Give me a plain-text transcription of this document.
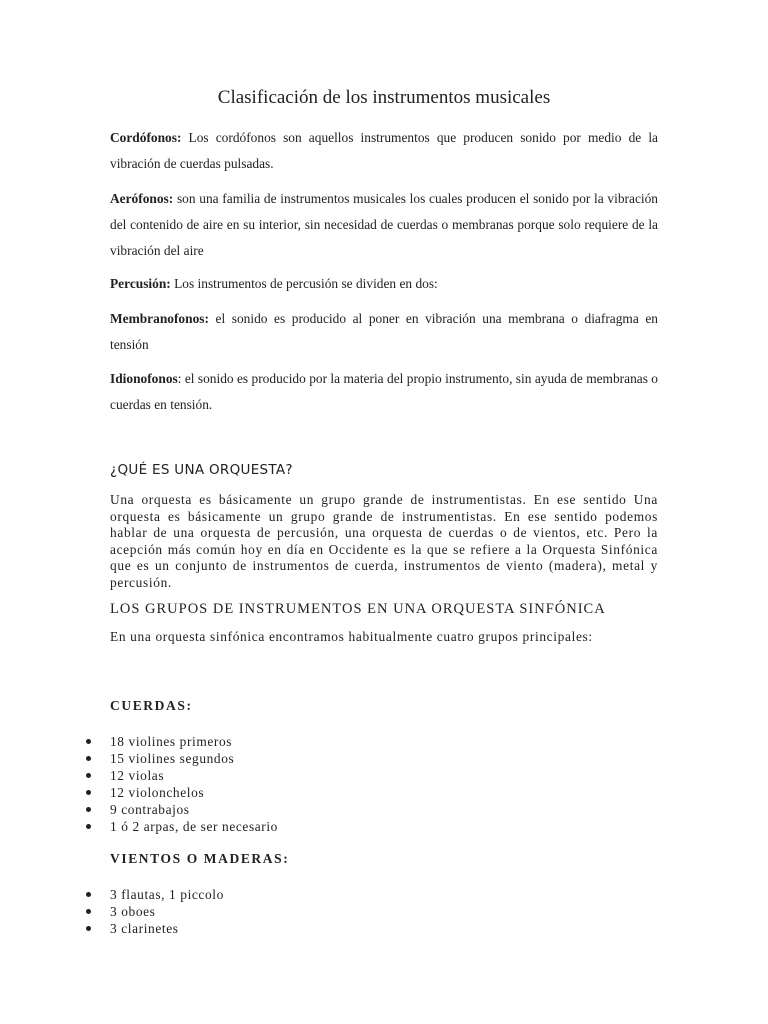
Clasificación de los instrumentos musicales

Cordófonos: Los cordófonos son aquellos instrumentos que producen sonido por medio de la vibración de cuerdas pulsadas.

Aerófonos: son una familia de instrumentos musicales los cuales producen el sonido por la vibración del contenido de aire en su interior, sin necesidad de cuerdas o membranas porque solo requiere de la vibración del aire

Percusión: Los instrumentos de percusión se dividen en dos:

Membranofonos: el sonido es producido al poner en vibración una membrana o diafragma en tensión

Idionofonos: el sonido es producido por la materia del propio instrumento, sin ayuda de membranas o cuerdas en tensión.

¿QUÉ ES UNA ORQUESTA?

Una orquesta es básicamente un grupo grande de instrumentistas. En ese sentido Una orquesta es básicamente un grupo grande de instrumentistas. En ese sentido podemos hablar de una orquesta de percusión, una orquesta de cuerdas o de vientos, etc. Pero la acepción más común hoy en día en Occidente es la que se refiere a la Orquesta Sinfónica que es un conjunto de instrumentos de cuerda, instrumentos de viento (madera), metal y percusión.

LOS GRUPOS DE INSTRUMENTOS EN UNA ORQUESTA SINFÓNICA

En una orquesta sinfónica encontramos habitualmente cuatro grupos principales:

CUERDAS:
18 violines primeros
15 violines segundos
12 violas
12 violonchelos
9 contrabajos
1 ó 2 arpas, de ser necesario
VIENTOS O MADERAS:
3 flautas, 1 piccolo
3 oboes
3 clarinetes
